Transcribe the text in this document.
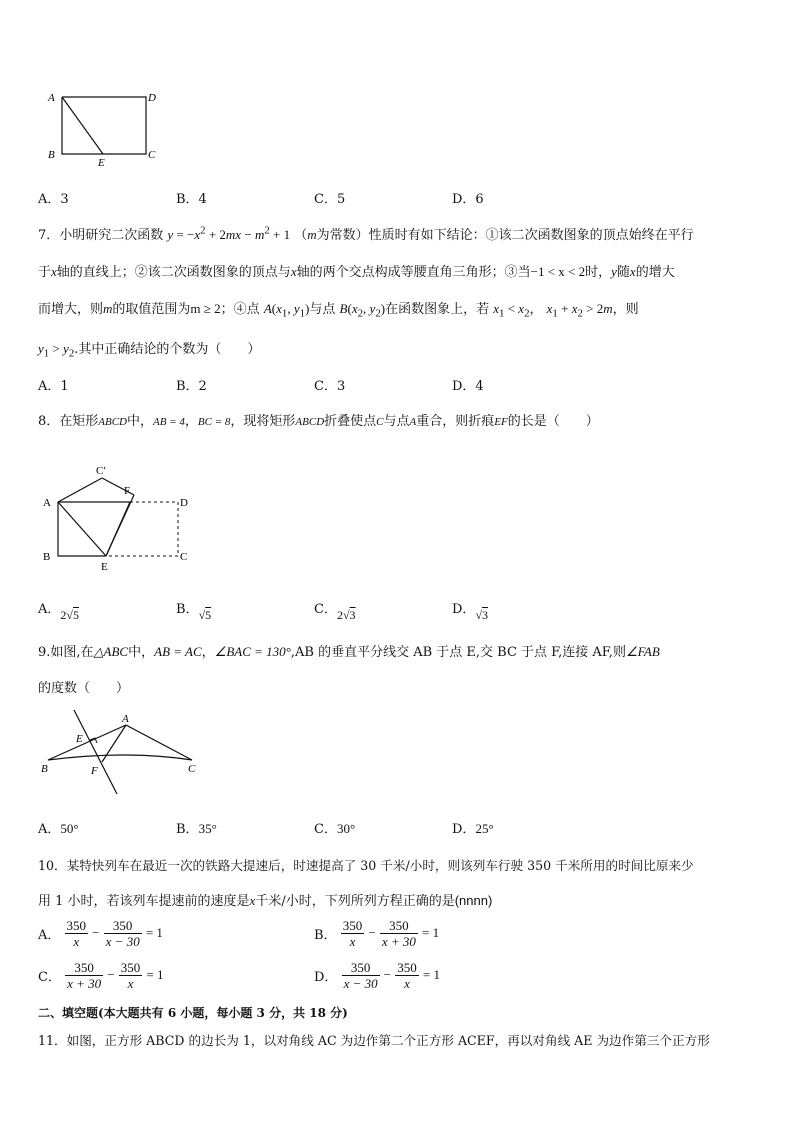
A	D
B	C
E
A．3	B．4	C．5	D．6
7．小明研究二次函数 $y = -x^2 + 2mx - m^2 + 1$ （m为常数）性质时有如下结论：①该二次函数图象的顶点始终在平行
于x轴的直线上；②该二次函数图象的顶点与x轴的两个交点构成等腰直角三角形；③当−1 < x < 2时，y随x的增大
而增大，则m的取值范围为m ≥ 2；④点 $A(x_1$, $y_1$)与点 $B(x_2$, $y_2$)在函数图象上，若 $x_1 < x_2$， $x_1 + x_2 > 2m$，则
$y_1 > y_2$.其中正确结论的个数为（　　）
A．1	B．2	C．3	D．4
8．在矩形ABCD中，AB = 4，BC = 8，现将矩形ABCD折叠使点C与点A重合，则折痕EF的长是（　　）
C′
A
F
D
B
E
C
A．2√5	B．√5	C．2√3	D．√3
9.如图,在△ABC中，AB = AC，∠BAC = 130°,AB 的垂直平分线交 AB 于点 E,交 BC 于点 F,连接 AF,则∠FAB
的度数（　　）
A
E
B	F	C
A．50°	B．35°	C．30°	D．25°
10．某特快列车在最近一次的铁路大提速后，时速提高了 30 千米/小时，则该列车行驶 350 千米所用的时间比原来少
用 1 小时，若该列车提速前的速度是x千米/小时，下列所列方程正确的是(nnnn)
A． $\frac{350}{x} - \frac{350}{x - 30} = 1$	B． $\frac{350}{x} - \frac{350}{x + 30} = 1$
C． $\frac{350}{x + 30} - \frac{350}{x} = 1$	D． $\frac{350}{x - 30} - \frac{350}{x} = 1$
二、填空题(本大题共有 6 小题，每小题 3 分，共 18 分)
11．如图，正方形 ABCD 的边长为 1，以对角线 AC 为边作第二个正方形 ACEF，再以对角线 AE 为边作第三个正方形
